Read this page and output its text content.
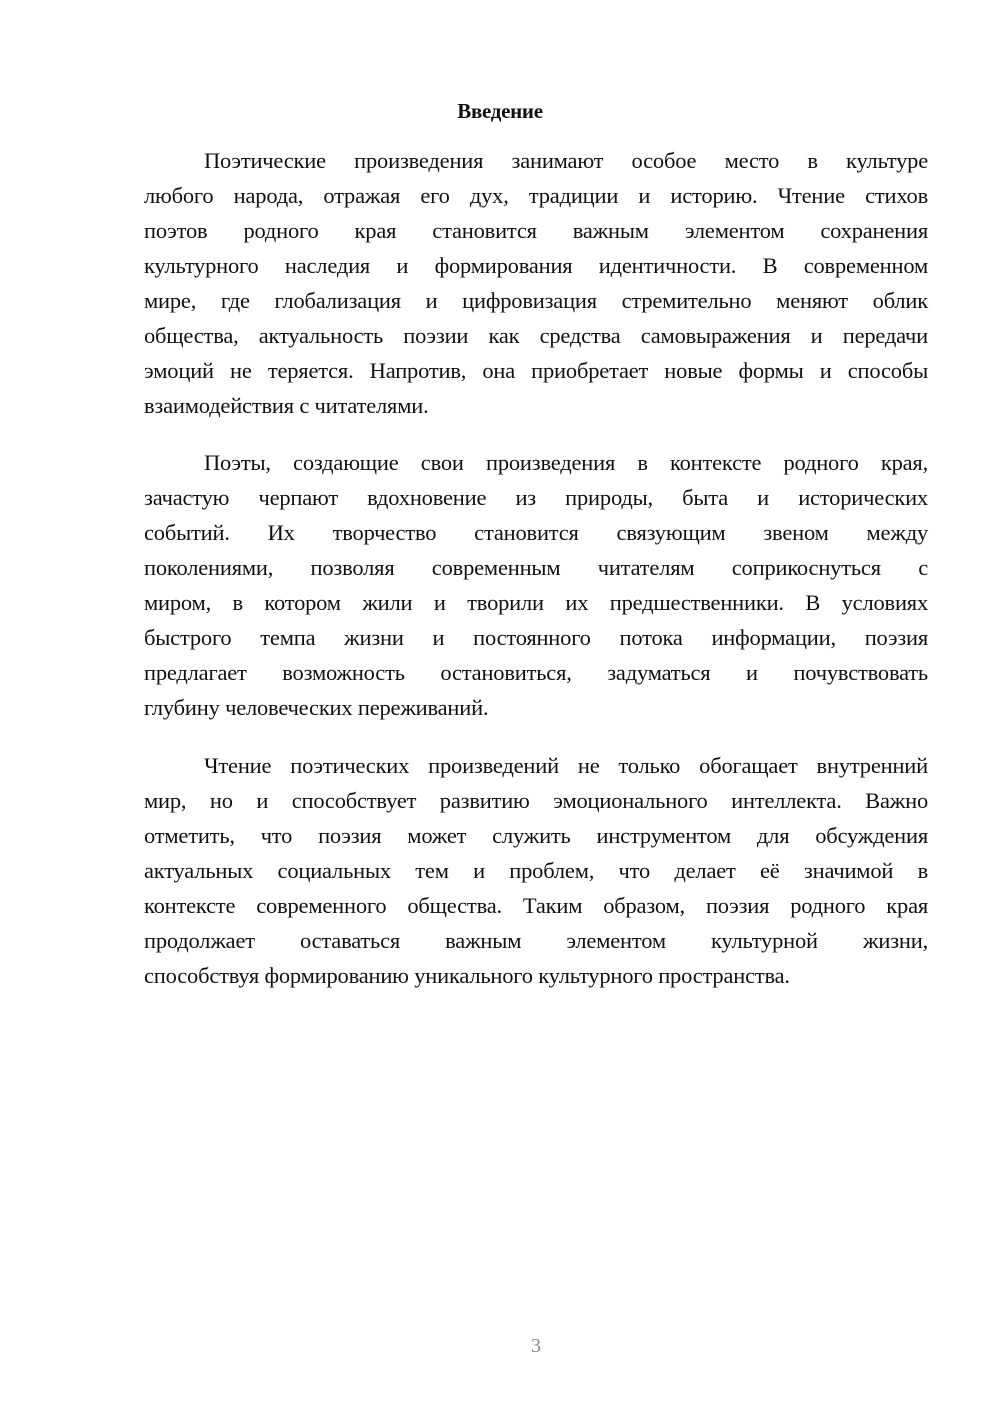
Введение
Поэтические произведения занимают особое место в культуре
любого народа, отражая его дух, традиции и историю. Чтение стихов
поэтов родного края становится важным элементом сохранения
культурного наследия и формирования идентичности. В современном
мире, где глобализация и цифровизация стремительно меняют облик
общества, актуальность поэзии как средства самовыражения и передачи
эмоций не теряется. Напротив, она приобретает новые формы и способы
взаимодействия с читателями.
Поэты, создающие свои произведения в контексте родного края,
зачастую черпают вдохновение из природы, быта и исторических
событий. Их творчество становится связующим звеном между
поколениями, позволяя современным читателям соприкоснуться с
миром, в котором жили и творили их предшественники. В условиях
быстрого темпа жизни и постоянного потока информации, поэзия
предлагает возможность остановиться, задуматься и почувствовать
глубину человеческих переживаний.
Чтение поэтических произведений не только обогащает внутренний
мир, но и способствует развитию эмоционального интеллекта. Важно
отметить, что поэзия может служить инструментом для обсуждения
актуальных социальных тем и проблем, что делает её значимой в
контексте современного общества. Таким образом, поэзия родного края
продолжает оставаться важным элементом культурной жизни,
способствуя формированию уникального культурного пространства.
3
